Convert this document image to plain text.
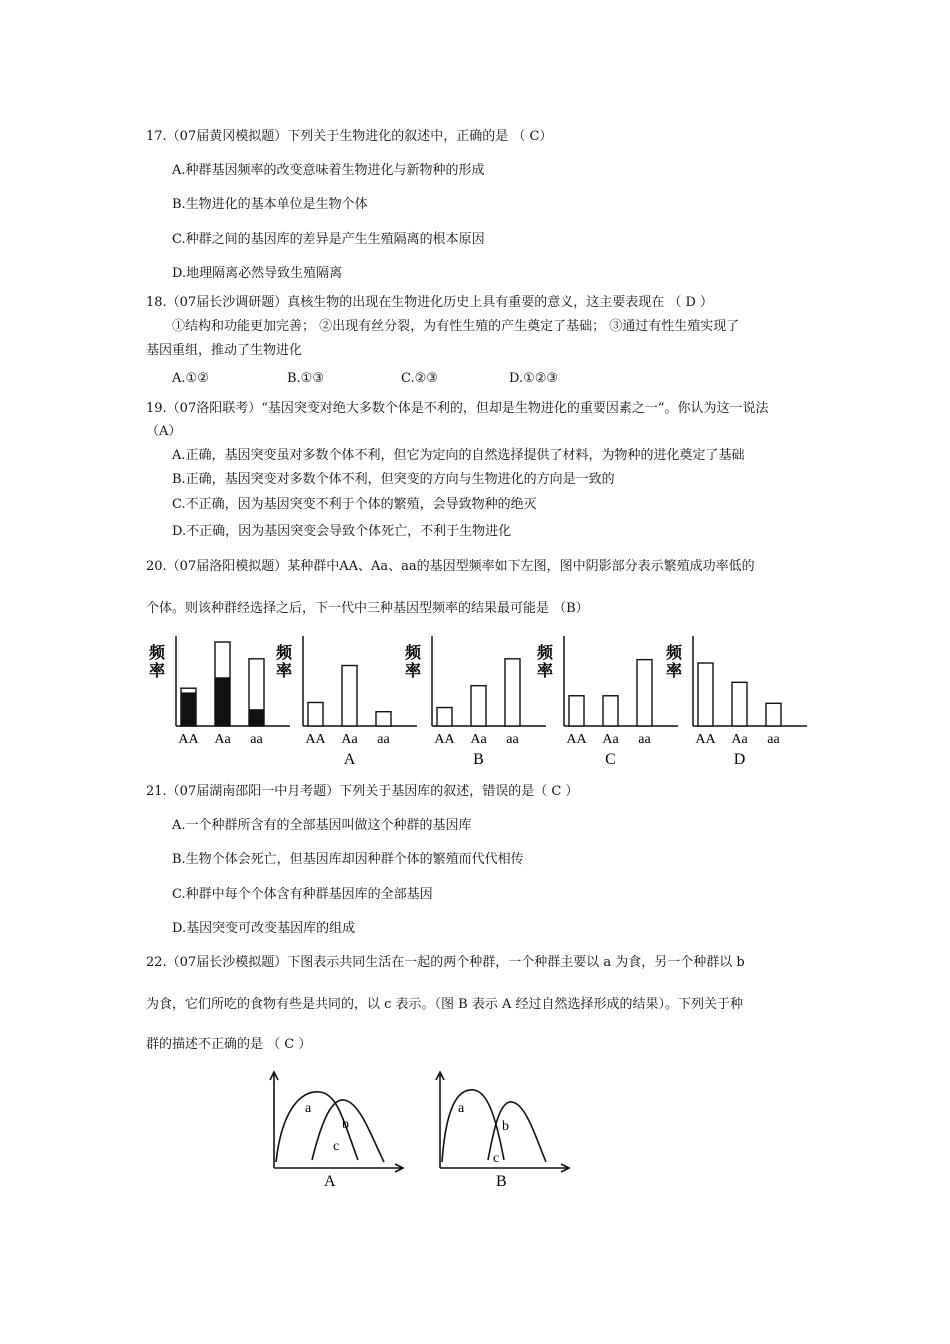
17.（07届黄冈模拟题）下列关于生物进化的叙述中，正确的是 （ C）
A.种群基因频率的改变意味着生物进化与新物种的形成
B.生物进化的基本单位是生物个体
C.种群之间的基因库的差异是产生生殖隔离的根本原因
D.地理隔离必然导致生殖隔离
18.（07届长沙调研题）真核生物的出现在生物进化历史上具有重要的意义，这主要表现在 （ D ）
①结构和功能更加完善； ②出现有丝分裂，为有性生殖的产生奠定了基础； ③通过有性生殖实现了
基因重组，推动了生物进化
A.①②	B.①③	C.②③	D.①②③
19.（07洛阳联考）“基因突变对绝大多数个体是不利的，但却是生物进化的重要因素之一”。你认为这一说法
（A）
A.正确，基因突变虽对多数个体不利，但它为定向的自然选择提供了材料，为物种的进化奠定了基础
B.正确，基因突变对多数个体不利，但突变的方向与生物进化的方向是一致的
C.不正确，因为基因突变不利于个体的繁殖，会导致物种的绝灭
D.不正确，因为基因突变会导致个体死亡，不利于生物进化
20.（07届洛阳模拟题）某种群中AA、Aa、aa的基因型频率如下左图，图中阴影部分表示繁殖成功率低的
个体。则该种群经选择之后，下一代中三种基因型频率的结果最可能是 （B）
频
率
AA Aa aa
频
率
AA Aa aa
A
频
率
AA Aa aa
B
频
率
AA Aa aa
C
频
率
AA Aa aa
D
21.（07届湖南邵阳一中月考题）下列关于基因库的叙述，错误的是（ C ）
A.一个种群所含有的全部基因叫做这个种群的基因库
B.生物个体会死亡，但基因库却因种群个体的繁殖而代代相传
C.种群中每个个体含有种群基因库的全部基因
D.基因突变可改变基因库的组成
22.（07届长沙模拟题）下图表示共同生活在一起的两个种群，一个种群主要以 a 为食，另一个种群以 b
为食，它们所吃的食物有些是共同的，以 c 表示。（图 B 表示 A 经过自然选择形成的结果）。下列关于种
群的描述不正确的是 （ C ）
a
b
c
A
a
b
c
B
